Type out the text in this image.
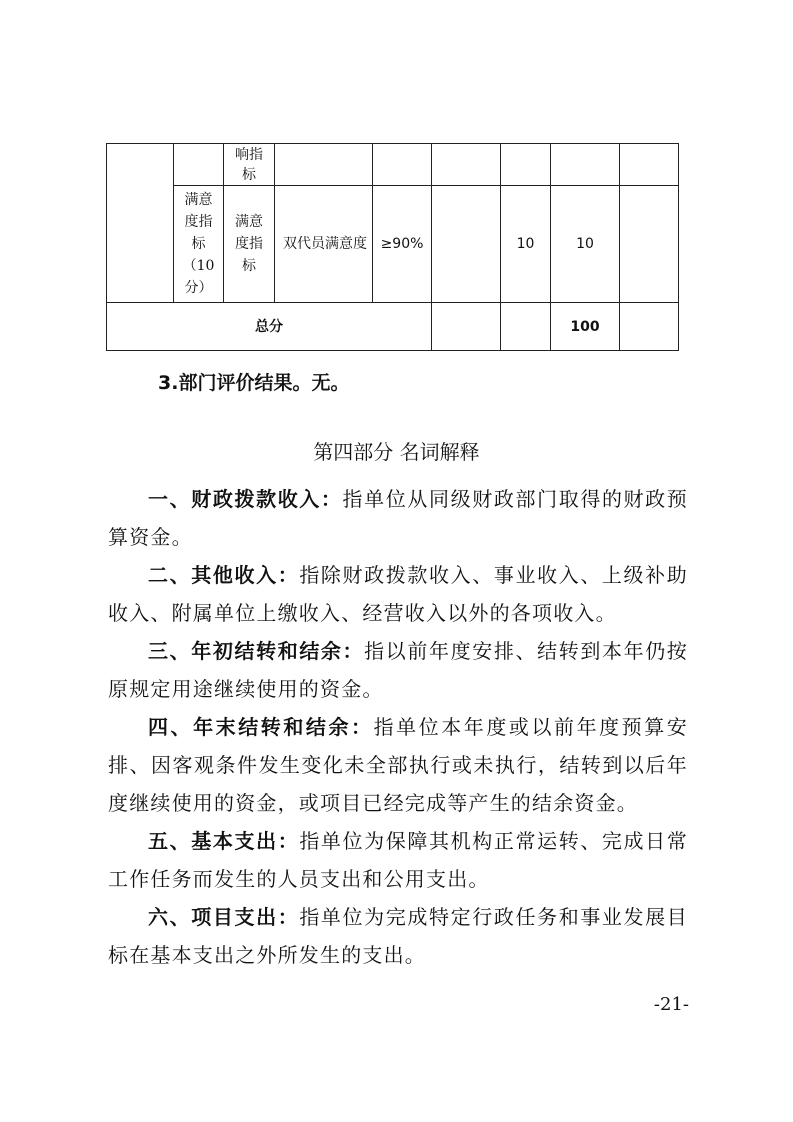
		响指标						
	满意度指标（10分）	满意度指标	双代员满意度	≥90%		10	10	
总分							100	
3.部门评价结果。无。
第四部分 名词解释

一、财政拨款收入：指单位从同级财政部门取得的财政预算资金。

二、其他收入：指除财政拨款收入、事业收入、上级补助收入、附属单位上缴收入、经营收入以外的各项收入。

三、年初结转和结余：指以前年度安排、结转到本年仍按原规定用途继续使用的资金。

四、年末结转和结余：指单位本年度或以前年度预算安排、因客观条件发生变化未全部执行或未执行，结转到以后年度继续使用的资金，或项目已经完成等产生的结余资金。

五、基本支出：指单位为保障其机构正常运转、完成日常工作任务而发生的人员支出和公用支出。

六、项目支出：指单位为完成特定行政任务和事业发展目标在基本支出之外所发生的支出。

-21-
